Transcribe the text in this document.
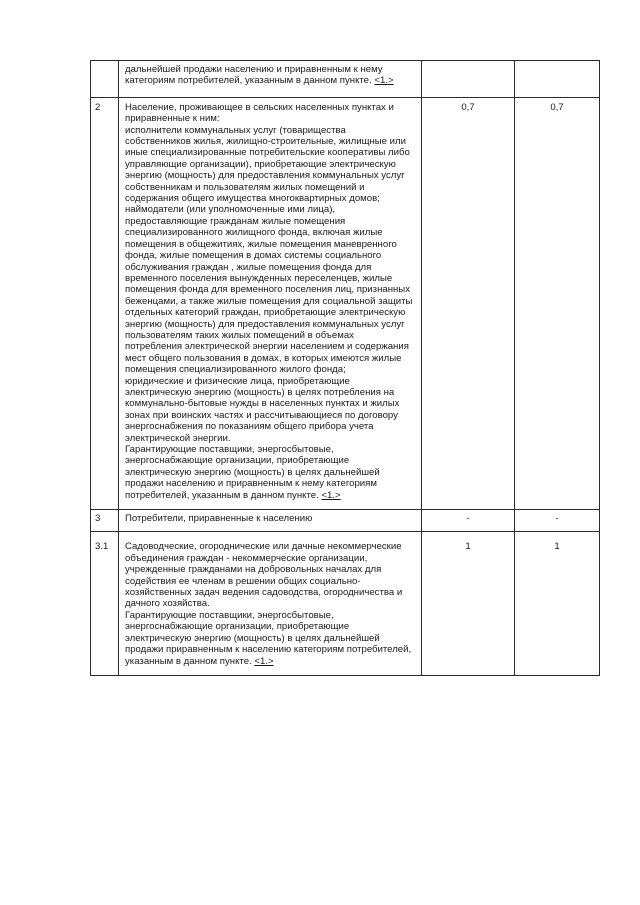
	дальнейшей продажи населению и приравненным к нему категориям потребителей, указанным в данном пункте. <1.>		

2	Население, проживающее в сельских населенных пунктах и приравненные к ним:
исполнители коммунальных услуг (товарищества собственников жилья, жилищно-строительные, жилищные или иные специализированные потребительские кооперативы либо управляющие организации), приобретающие электрическую энергию (мощность) для предоставления коммунальных услуг собственникам и пользователям жилых помещений и содержания общего имущества многоквартирных домов; наймодатели (или уполномоченные ими лица), предоставляющие гражданам жилые помещения специализированного жилищного фонда, включая жилые помещения в общежитиях, жилые помещения маневренного фонда, жилые помещения в домах системы социального обслуживания граждан , жилые помещения фонда для временного поселения вынужденных переселенцев, жилые помещения фонда для временного поселения лиц, признанных беженцами, а также жилые помещения для социальной защиты отдельных категорий граждан, приобретающие электрическую энергию (мощность) для предоставления коммунальных услуг пользователям таких жилых помещений в объемах потребления электрической энергии населением и содержания мест общего пользования в домах, в которых имеются жилые помещения специализированного жилого фонда;
юридические и физические лица, приобретающие электрическую энергию (мощность) в целях потребления на коммунально-бытовые нужды в населенных пунктах и жилых зонах при воинских частях и рассчитывающиеся по договору энергоснабжения по показаниям общего прибора учета электрической энергии.
Гарантирующие поставщики, энергосбытовые, энергоснабжающие организации, приобретающие электрическую энергию (мощность) в целях дальнейшей продажи населению и приравненным к нему категориям потребителей, указанным в данном пункте. <1.>	0,7	0,7
3	Потребители, приравненные к населению	-	-
3.1	Садоводческие, огороднические или дачные некоммерческие объединения граждан - некоммерческие организации, учрежденные гражданами на добровольных началах для содействия ее членам в решении общих социально-хозяйственных задач ведения садоводства, огородничества и дачного хозяйства.
Гарантирующие поставщики, энергосбытовые, энергоснабжающие организации, приобретающие электрическую энергию (мощность) в целях дальнейшей продажи приравненным к населению категориям потребителей, указанным в данном пункте. <1.>	1	1
